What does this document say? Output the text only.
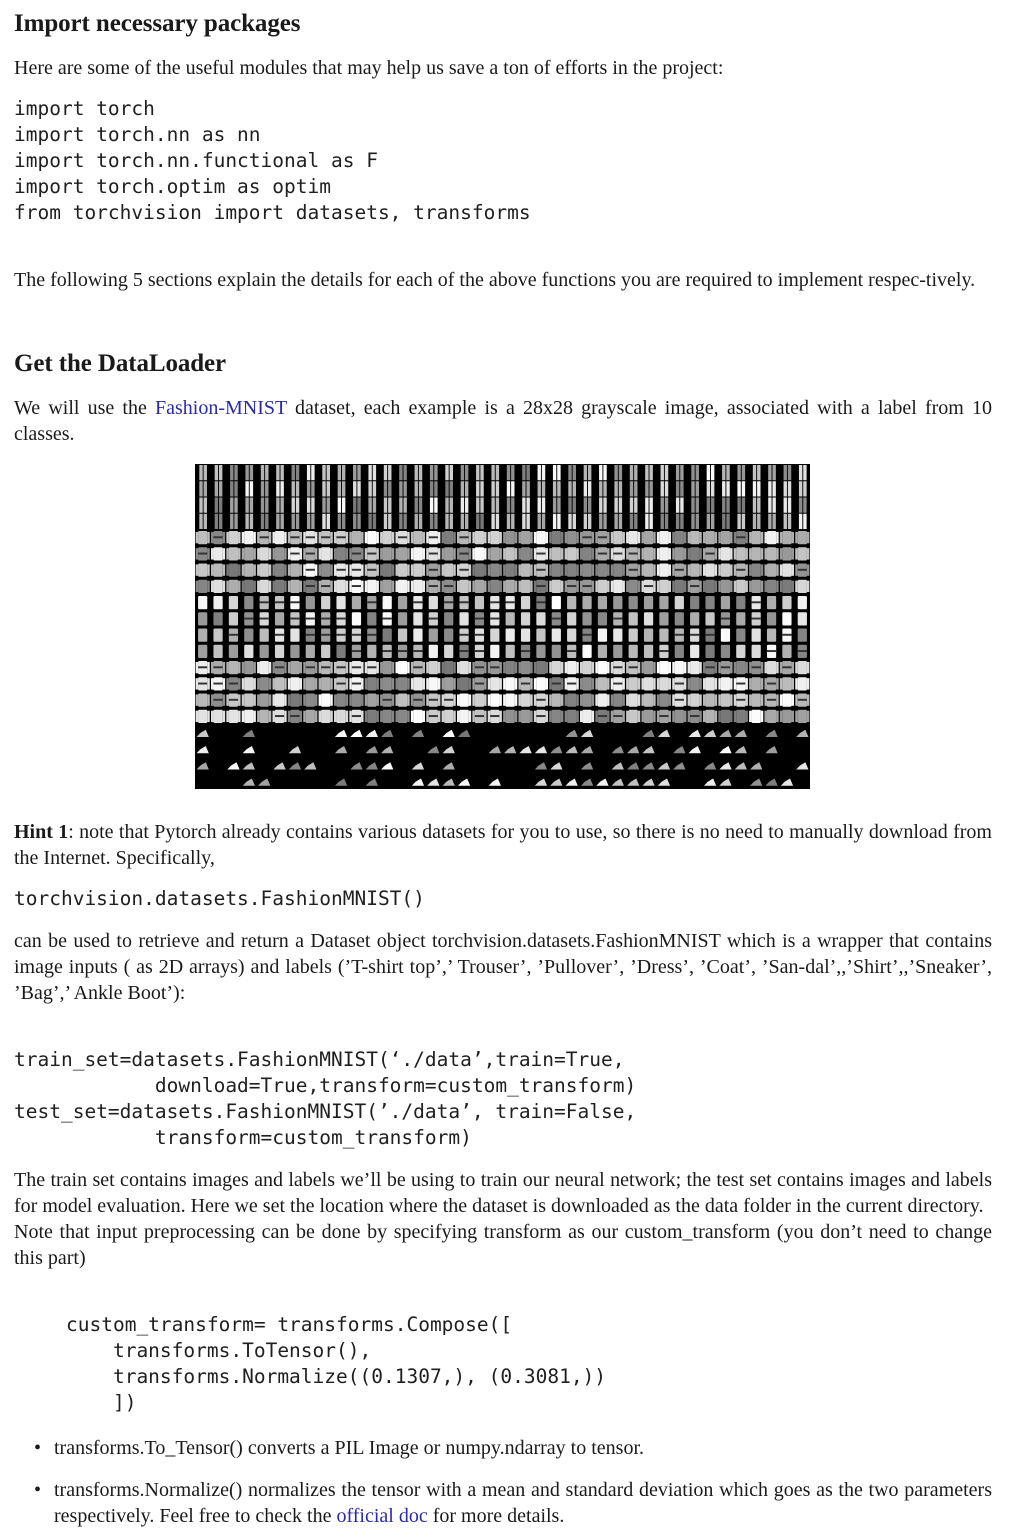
Import necessary packages

Here are some of the useful modules that may help us save a ton of efforts in the project:

import torch
import torch.nn as nn
import torch.nn.functional as F
import torch.optim as optim
from torchvision import datasets, transforms

The following 5 sections explain the details for each of the above functions you are required to implement respec-tively.

Get the DataLoader

We will use the Fashion-MNIST dataset, each example is a 28x28 grayscale image, associated with a label from 10 classes.

Hint 1: note that Pytorch already contains various datasets for you to use, so there is no need to manually download from the Internet. Specifically,

torchvision.datasets.FashionMNIST()

can be used to retrieve and return a Dataset object torchvision.datasets.FashionMNIST which is a wrapper that contains image inputs ( as 2D arrays) and labels (’T-shirt top’,’ Trouser’, ’Pullover’, ’Dress’, ’Coat’, ’San-dal’,,’Shirt’,,’Sneaker’, ’Bag’,’ Ankle Boot’):

train_set=datasets.FashionMNIST(‘./data’,train=True,
download=True,transform=custom_transform)
test_set=datasets.FashionMNIST(’./data’, train=False,
transform=custom_transform)

The train set contains images and labels we’ll be using to train our neural network; the test set contains images and labels for model evaluation. Here we set the location where the dataset is downloaded as the data folder in the current directory.

Note that input preprocessing can be done by specifying transform as our custom_transform (you don’t need to change this part)

custom_transform= transforms.Compose([
transforms.ToTensor(),
transforms.Normalize((0.1307,), (0.3081,))
])
• transforms.To_Tensor() converts a PIL Image or numpy.ndarray to tensor.
• transforms.Normalize() normalizes the tensor with a mean and standard deviation which goes as the two parameters respectively. Feel free to check the official doc for more details.
